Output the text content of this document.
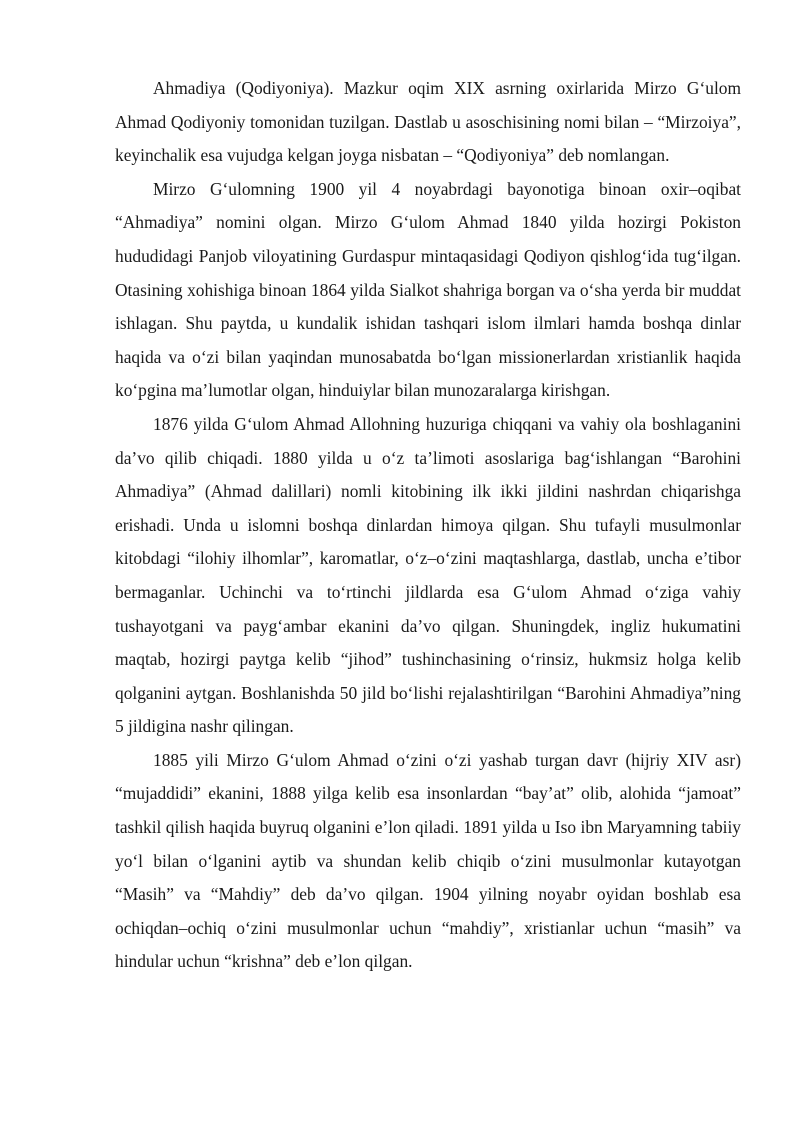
Ahmadiya (Qodiyoniya). Mazkur oqim XIX asrning oxirlarida Mirzo G‘ulom Ahmad Qodiyoniy tomonidan tuzilgan. Dastlab u asoschisining nomi bilan – “Mirzoiya”, keyinchalik esa vujudga kelgan joyga nisbatan – “Qodiyoniya” deb nomlangan.

Mirzo G‘ulomning 1900 yil 4 noyabrdagi bayonotiga binoan oxir–oqibat “Ahmadiya” nomini olgan. Mirzo G‘ulom Ahmad 1840 yilda hozirgi Pokiston hududidagi Panjob viloyatining Gurdaspur mintaqasidagi Qodiyon qishlog‘ida tug‘ilgan. Otasining xohishiga binoan 1864 yilda Sialkot shahriga borgan va o‘sha yerda bir muddat ishlagan. Shu paytda, u kundalik ishidan tashqari islom ilmlari hamda boshqa dinlar haqida va o‘zi bilan yaqindan munosabatda bo‘lgan missionerlardan xristianlik haqida ko‘pgina ma’lumotlar olgan, hinduiylar bilan munozaralarga kirishgan.

1876 yilda G‘ulom Ahmad Allohning huzuriga chiqqani va vahiy ola boshlaganini da’vo qilib chiqadi. 1880 yilda u o‘z ta’limoti asoslariga bag‘ishlangan “Barohini Ahmadiya” (Ahmad dalillari) nomli kitobining ilk ikki jildini nashrdan chiqarishga erishadi. Unda u islomni boshqa dinlardan himoya qilgan. Shu tufayli musulmonlar kitobdagi “ilohiy ilhomlar”, karomatlar, o‘z–o‘zini maqtashlarga, dastlab, uncha e’tibor bermaganlar. Uchinchi va to‘rtinchi jildlarda esa G‘ulom Ahmad o‘ziga vahiy tushayotgani va payg‘ambar ekanini da’vo qilgan. Shuningdek, ingliz hukumatini maqtab, hozirgi paytga kelib “jihod” tushinchasining o‘rinsiz, hukmsiz holga kelib qolganini aytgan. Boshlanishda 50 jild bo‘lishi rejalashtirilgan “Barohini Ahmadiya”ning 5 jildigina nashr qilingan.

1885 yili Mirzo G‘ulom Ahmad o‘zini o‘zi yashab turgan davr (hijriy XIV asr) “mujaddidi” ekanini, 1888 yilga kelib esa insonlardan “bay’at” olib, alohida “jamoat” tashkil qilish haqida buyruq olganini e’lon qiladi. 1891 yilda u Iso ibn Maryamning tabiiy yo‘l bilan o‘lganini aytib va shundan kelib chiqib o‘zini musulmonlar kutayotgan “Masih” va “Mahdiy” deb da’vo qilgan. 1904 yilning noyabr oyidan boshlab esa ochiqdan–ochiq o‘zini musulmonlar uchun “mahdiy”, xristianlar uchun “masih” va hindular uchun “krishna” deb e’lon qilgan.
